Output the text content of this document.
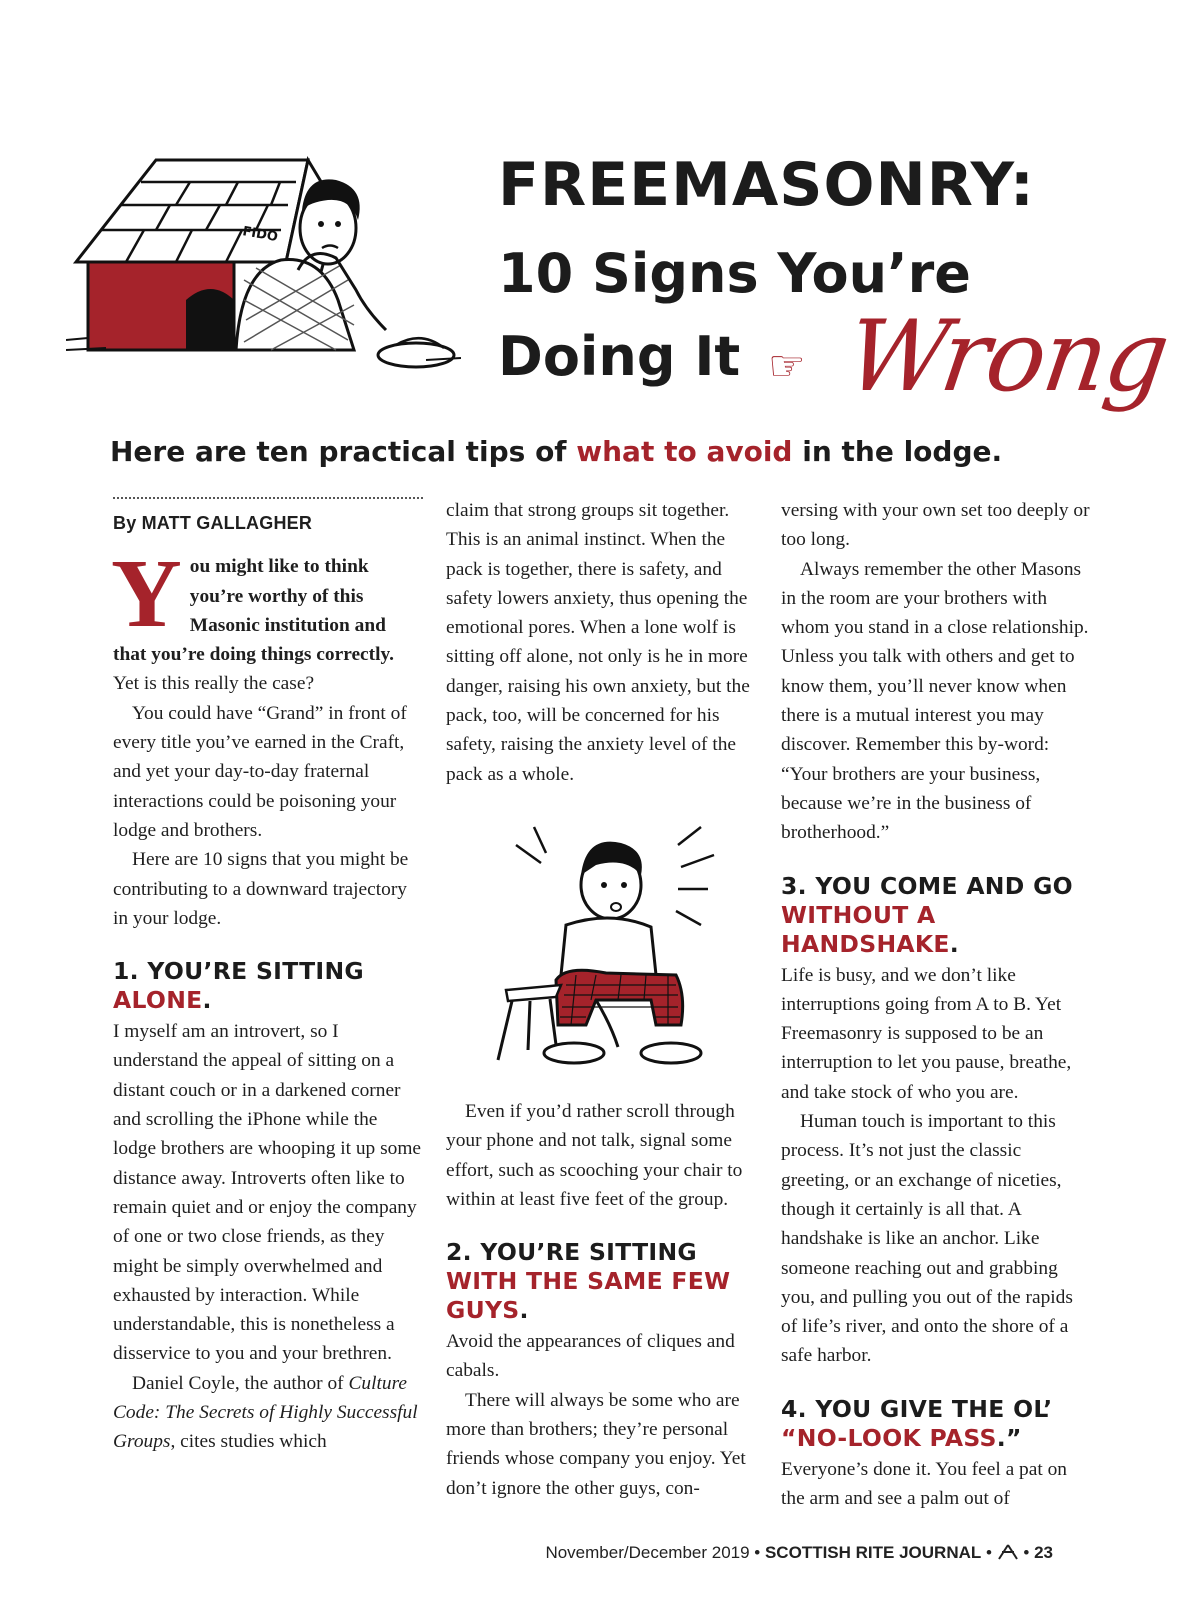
FIDO
FREEMASONRY:
10 Signs You’re
Doing It ☞ Wrong
Here are ten practical tips of what to avoid in the lodge.
By MATT GALLAGHER

You might like to think you’re worthy of this Masonic institution and that you’re doing things correctly. Yet is this really the case?

You could have “Grand” in front of every title you’ve earned in the Craft, and yet your day-to-day fraternal interactions could be poisoning your lodge and brothers.

Here are 10 signs that you might be contributing to a downward trajectory in your lodge.

1. YOU’RE SITTING ALONE.

I myself am an introvert, so I understand the appeal of sitting on a distant couch or in a darkened corner and scrolling the iPhone while the lodge brothers are whooping it up some distance away. Introverts often like to remain quiet and or enjoy the company of one or two close friends, as they might be simply overwhelmed and exhausted by interaction. While understandable, this is nonetheless a disservice to you and your brethren.

Daniel Coyle, the author of Culture Code: The Secrets of Highly Successful Groups, cites studies which

claim that strong groups sit together. This is an animal instinct. When the pack is together, there is safety, and safety lowers anxiety, thus opening the emotional pores. When a lone wolf is sitting off alone, not only is he in more danger, raising his own anxiety, but the pack, too, will be concerned for his safety, raising the anxiety level of the pack as a whole.

Even if you’d rather scroll through your phone and not talk, signal some effort, such as scooching your chair to within at least five feet of the group.

2. YOU’RE SITTING WITH THE SAME FEW GUYS.

Avoid the appearances of cliques and cabals.

There will always be some who are more than brothers; they’re personal friends whose company you enjoy. Yet don’t ignore the other guys, con-

versing with your own set too deeply or too long.

Always remember the other Masons in the room are your brothers with whom you stand in a close relationship. Unless you talk with others and get to know them, you’ll never know when there is a mutual interest you may discover. Remember this by-word: “Your brothers are your business, because we’re in the business of brotherhood.”

3. YOU COME AND GO WITHOUT A HANDSHAKE.

Life is busy, and we don’t like interruptions going from A to B. Yet Freemasonry is supposed to be an interruption to let you pause, breathe, and take stock of who you are.

Human touch is important to this process. It’s not just the classic greeting, or an exchange of niceties, though it certainly is all that. A handshake is like an anchor. Like someone reaching out and grabbing you, and pulling you out of the rapids of life’s river, and onto the shore of a safe harbor.

4. YOU GIVE THE OL’ “NO-LOOK PASS.”

Everyone’s done it. You feel a pat on the arm and see a palm out of

November/December 2019 • SCOTTISH RITE JOURNAL •  • 23
